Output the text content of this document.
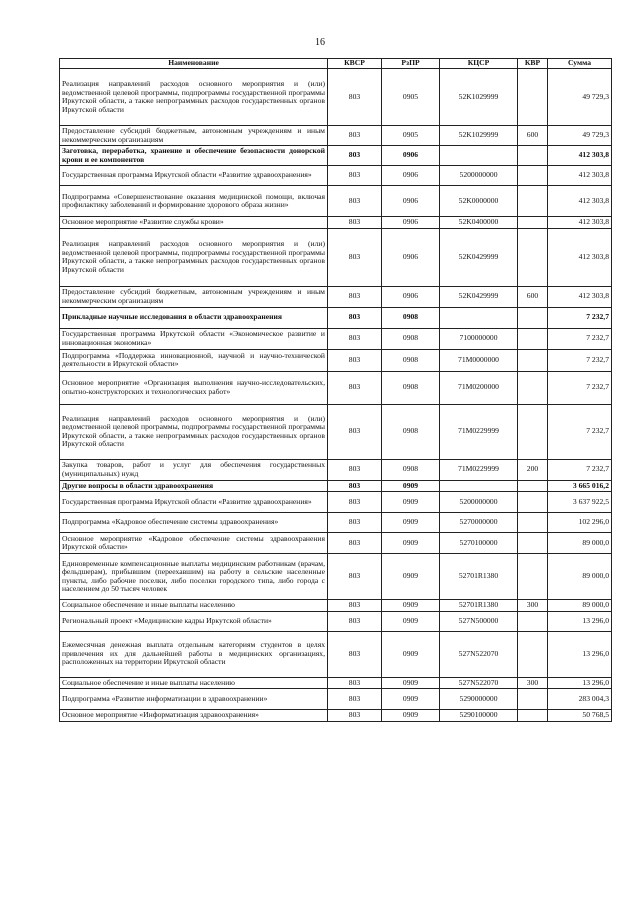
16
Наименование	КВСР	РзПР	КЦСР	КВР	Сумма
Реализация направлений расходов основного мероприятия и (или) ведомственной целевой программы, подпрограммы государственной программы Иркутской области, а также непрограммных расходов государственных органов Иркутской области	803	0905	52K1029999		49 729,3
Предоставление субсидий бюджетным, автономным учреждениям и иным некоммерческим организациям	803	0905	52K1029999	600	49 729,3
Заготовка, переработка, хранение и обеспечение безопасности донорской крови и ее компонентов	803	0906			412 303,8
Государственная программа Иркутской области «Развитие здравоохранения»	803	0906	5200000000		412 303,8
Подпрограмма «Совершенствование оказания медицинской помощи, включая профилактику заболеваний и формирование здорового образа жизни»	803	0906	52K0000000		412 303,8
Основное мероприятие «Развитие службы крови»	803	0906	52K0400000		412 303,8
Реализация направлений расходов основного мероприятия и (или) ведомственной целевой программы, подпрограммы государственной программы Иркутской области, а также непрограммных расходов государственных органов Иркутской области	803	0906	52K0429999		412 303,8
Предоставление субсидий бюджетным, автономным учреждениям и иным некоммерческим организациям	803	0906	52K0429999	600	412 303,8
Прикладные научные исследования в области здравоохранения	803	0908			7 232,7
Государственная программа Иркутской области «Экономическое развитие и инновационная экономика»	803	0908	7100000000		7 232,7
Подпрограмма «Поддержка инновационной, научной и научно-технической деятельности в Иркутской области»	803	0908	71M0000000		7 232,7
Основное мероприятие «Организация выполнения научно-исследовательских, опытно-конструкторских и технологических работ»	803	0908	71M0200000		7 232,7
Реализация направлений расходов основного мероприятия и (или) ведомственной целевой программы, подпрограммы государственной программы Иркутской области, а также непрограммных расходов государственных органов Иркутской области	803	0908	71M0229999		7 232,7
Закупка товаров, работ и услуг для обеспечения государственных (муниципальных) нужд	803	0908	71M0229999	200	7 232,7
Другие вопросы в области здравоохранения	803	0909			3 665 016,2
Государственная программа Иркутской области «Развитие здравоохранения»	803	0909	5200000000		3 637 922,5
Подпрограмма «Кадровое обеспечение системы здравоохранения»	803	0909	5270000000		102 296,0
Основное мероприятие «Кадровое обеспечение системы здравоохранения Иркутской области»	803	0909	5270100000		89 000,0
Единовременные компенсационные выплаты медицинским работникам (врачам, фельдшерам), прибывшим (переехавшим) на работу в сельские населенные пункты, либо рабочие поселки, либо поселки городского типа, либо города с населением до 50 тысяч человек	803	0909	52701R1380		89 000,0
Социальное обеспечение и иные выплаты населению	803	0909	52701R1380	300	89 000,0
Региональный проект «Медицинские кадры Иркутской области»	803	0909	527N500000		13 296,0
Ежемесячная денежная выплата отдельным категориям студентов в целях привлечения их для дальнейшей работы в медицинских организациях, расположенных на территории Иркутской области	803	0909	527N522070		13 296,0
Социальное обеспечение и иные выплаты населению	803	0909	527N522070	300	13 296,0
Подпрограмма «Развитие информатизации в здравоохранении»	803	0909	5290000000		283 004,3
Основное мероприятие «Информатизация здравоохранения»	803	0909	5290100000		50 768,5
